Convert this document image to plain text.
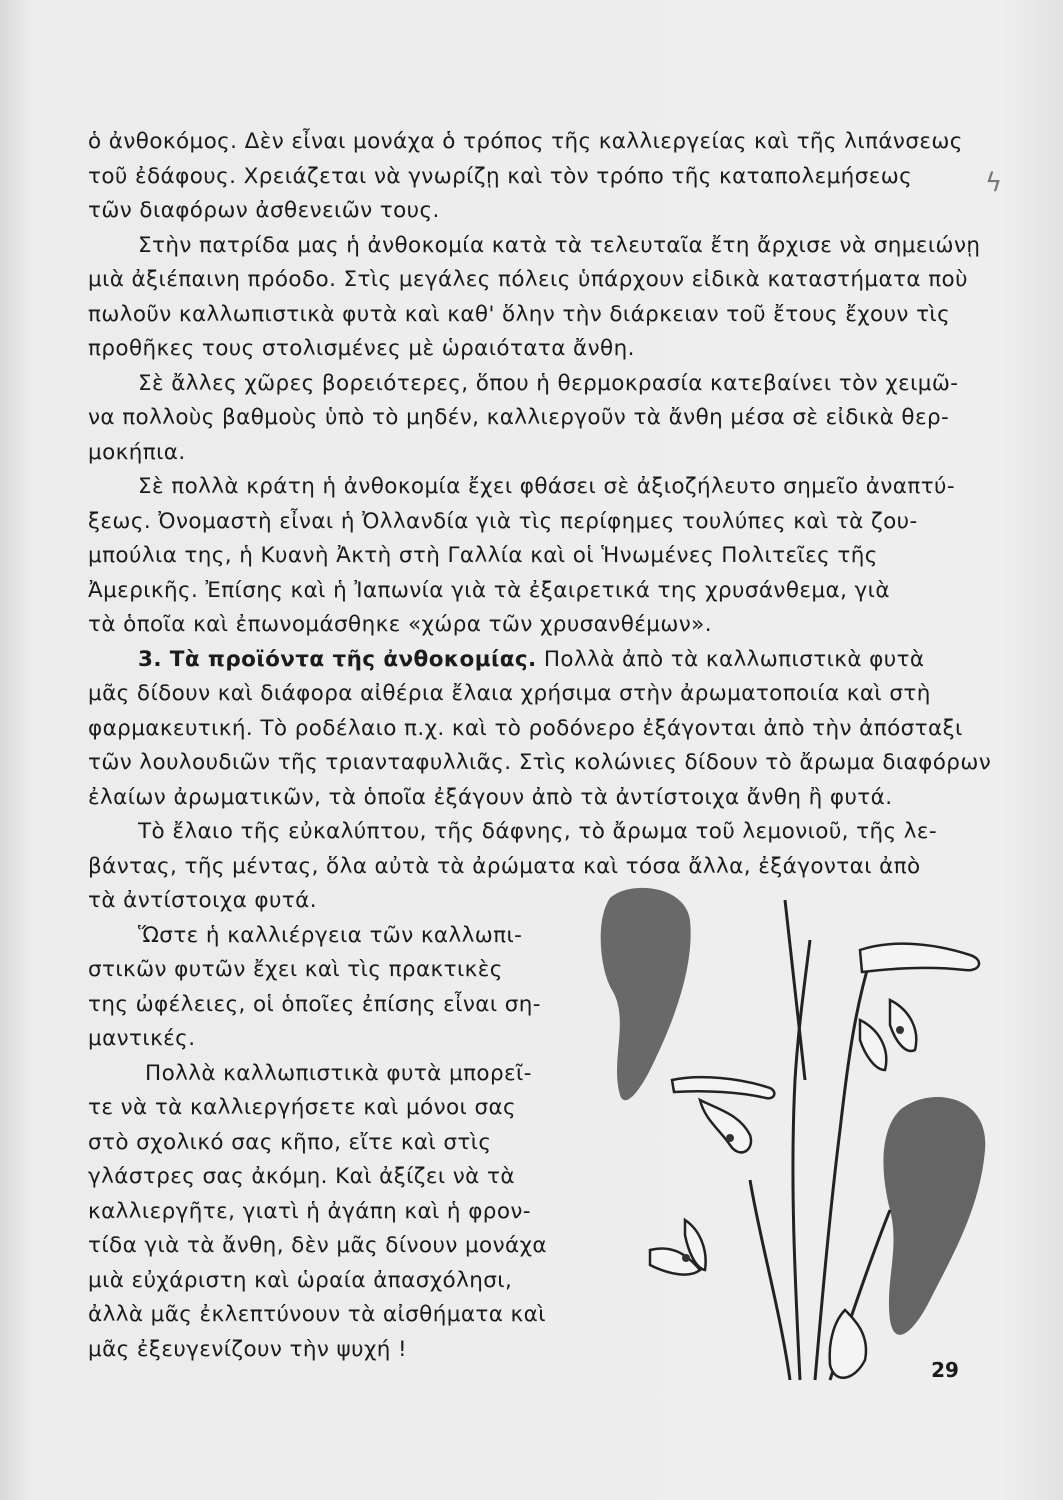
ὁ ἀνθοκόμος. Δὲν εἶναι μονάχα ὁ τρόπος τῆς καλλιεργείας καὶ τῆς λιπάνσεως
τοῦ ἐδάφους. Χρειάζεται νὰ γνωρίζῃ καὶ τὸν τρόπο τῆς καταπολεμήσεως
τῶν διαφόρων ἀσθενειῶν τους.
Στὴν πατρίδα μας ἡ ἀνθοκομία κατὰ τὰ τελευταῖα ἔτη ἄρχισε νὰ σημειώνῃ
μιὰ ἀξιέπαινη πρόοδο. Στὶς μεγάλες πόλεις ὑπάρχουν εἰδικὰ καταστήματα ποὺ
πωλοῦν καλλωπιστικὰ φυτὰ καὶ καθ' ὅλην τὴν διάρκειαν τοῦ ἔτους ἔχουν τὶς
προθῆκες τους στολισμένες μὲ ὡραιότατα ἄνθη.
Σὲ ἄλλες χῶρες βορειότερες, ὅπου ἡ θερμοκρασία κατεβαίνει τὸν χειμῶ-
να πολλοὺς βαθμοὺς ὑπὸ τὸ μηδέν, καλλιεργοῦν τὰ ἄνθη μέσα σὲ εἰδικὰ θερ-
μοκήπια.
Σὲ πολλὰ κράτη ἡ ἀνθοκομία ἔχει φθάσει σὲ ἀξιοζήλευτο σημεῖο ἀναπτύ-
ξεως. Ὀνομαστὴ εἶναι ἡ Ὀλλανδία γιὰ τὶς περίφημες τουλύπες καὶ τὰ ζου-
μπούλια της, ἡ Κυανὴ Ἀκτὴ στὴ Γαλλία καὶ οἱ Ἡνωμένες Πολιτεῖες τῆς
Ἀμερικῆς. Ἐπίσης καὶ ἡ Ἰαπωνία γιὰ τὰ ἐξαιρετικά της χρυσάνθεμα, γιὰ
τὰ ὁποῖα καὶ ἐπωνομάσθηκε «χώρα τῶν χρυσανθέμων».
3. Τὰ προϊόντα τῆς ἀνθοκομίας. Πολλὰ ἀπὸ τὰ καλλωπιστικὰ φυτὰ
μᾶς δίδουν καὶ διάφορα αἰθέρια ἔλαια χρήσιμα στὴν ἀρωματοποιία καὶ στὴ
φαρμακευτική. Τὸ ροδέλαιο π.χ. καὶ τὸ ροδόνερο ἐξάγονται ἀπὸ τὴν ἀπόσταξι
τῶν λουλουδιῶν τῆς τριανταφυλλιᾶς. Στὶς κολώνιες δίδουν τὸ ἄρωμα διαφόρων
ἐλαίων ἀρωματικῶν, τὰ ὁποῖα ἐξάγουν ἀπὸ τὰ ἀντίστοιχα ἄνθη ἢ φυτά.
Τὸ ἔλαιο τῆς εὐκαλύπτου, τῆς δάφνης, τὸ ἄρωμα τοῦ λεμονιοῦ, τῆς λε-
βάντας, τῆς μέντας, ὅλα αὐτὰ τὰ ἀρώματα καὶ τόσα ἄλλα, ἐξάγονται ἀπὸ
τὰ ἀντίστοιχα φυτά.
Ὥστε ἡ καλλιέργεια τῶν καλλωπι-
στικῶν φυτῶν ἔχει καὶ τὶς πρακτικὲς
της ὠφέλειες, οἱ ὁποῖες ἐπίσης εἶναι ση-
μαντικές.
Πολλὰ καλλωπιστικὰ φυτὰ μπορεῖ-
τε νὰ τὰ καλλιεργήσετε καὶ μόνοι σας
στὸ σχολικό σας κῆπο, εἴτε καὶ στὶς
γλάστρες σας ἀκόμη. Καὶ ἀξίζει νὰ τὰ
καλλιεργῆτε, γιατὶ ἡ ἀγάπη καὶ ἡ φρον-
τίδα γιὰ τὰ ἄνθη, δὲν μᾶς δίνουν μονάχα
μιὰ εὐχάριστη καὶ ὡραία ἀπασχόλησι,
ἀλλὰ μᾶς ἐκλεπτύνουν τὰ αἰσθήματα καὶ
μᾶς ἐξευγενίζουν τὴν ψυχή !
ϟ
29
